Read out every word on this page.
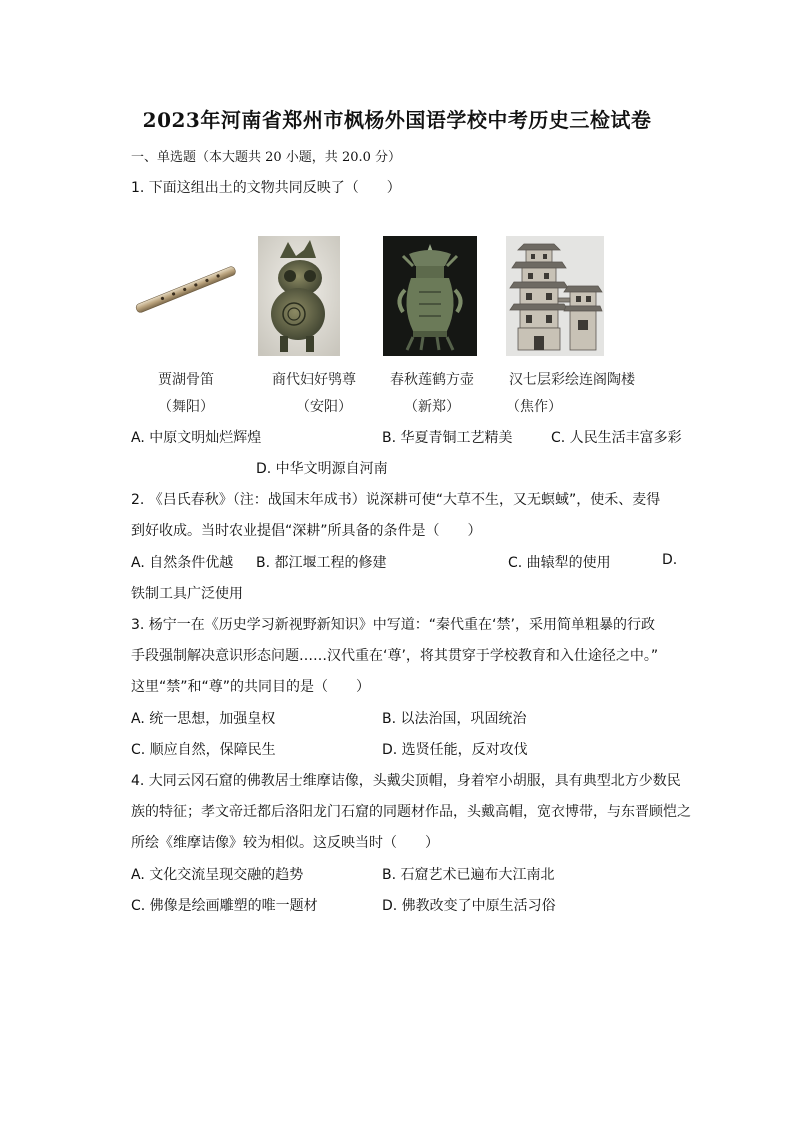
2023年河南省郑州市枫杨外国语学校中考历史三检试卷
一、单选题（本大题共 20 小题，共 20.0 分）
1. 下面这组出土的文物共同反映了（　　）
贾湖骨笛
（舞阳）
商代妇好鸮尊
（安阳）
春秋莲鹤方壶
（新郑）
汉七层彩绘连阁陶楼
（焦作）
A. 中原文明灿烂辉煌	B. 华夏青铜工艺精美	C. 人民生活丰富多彩
D. 中华文明源自河南
2. 《吕氏春秋》（注：战国末年成书）说深耕可使“大草不生，又无螟蜮”，使禾、麦得
到好收成。当时农业提倡“深耕”所具备的条件是（　　）
A. 自然条件优越 B. 都江堰工程的修建	C. 曲辕犁的使用	D.
铁制工具广泛使用
3. 杨宁一在《历史学习新视野新知识》中写道：“秦代重在‘禁’，采用简单粗暴的行政
手段强制解决意识形态问题……汉代重在‘尊’，将其贯穿于学校教育和入仕途径之中。”
这里“禁”和“尊”的共同目的是（　　）
A. 统一思想，加强皇权	B. 以法治国，巩固统治
C. 顺应自然，保障民生	D. 选贤任能，反对攻伐
4. 大同云冈石窟的佛教居士维摩诘像，头戴尖顶帽，身着窄小胡服，具有典型北方少数民
族的特征；孝文帝迁都后洛阳龙门石窟的同题材作品，头戴高帽，宽衣博带，与东晋顾恺之
所绘《维摩诘像》较为相似。这反映当时（　　）
A. 文化交流呈现交融的趋势	B. 石窟艺术已遍布大江南北
C. 佛像是绘画雕塑的唯一题材	D. 佛教改变了中原生活习俗
